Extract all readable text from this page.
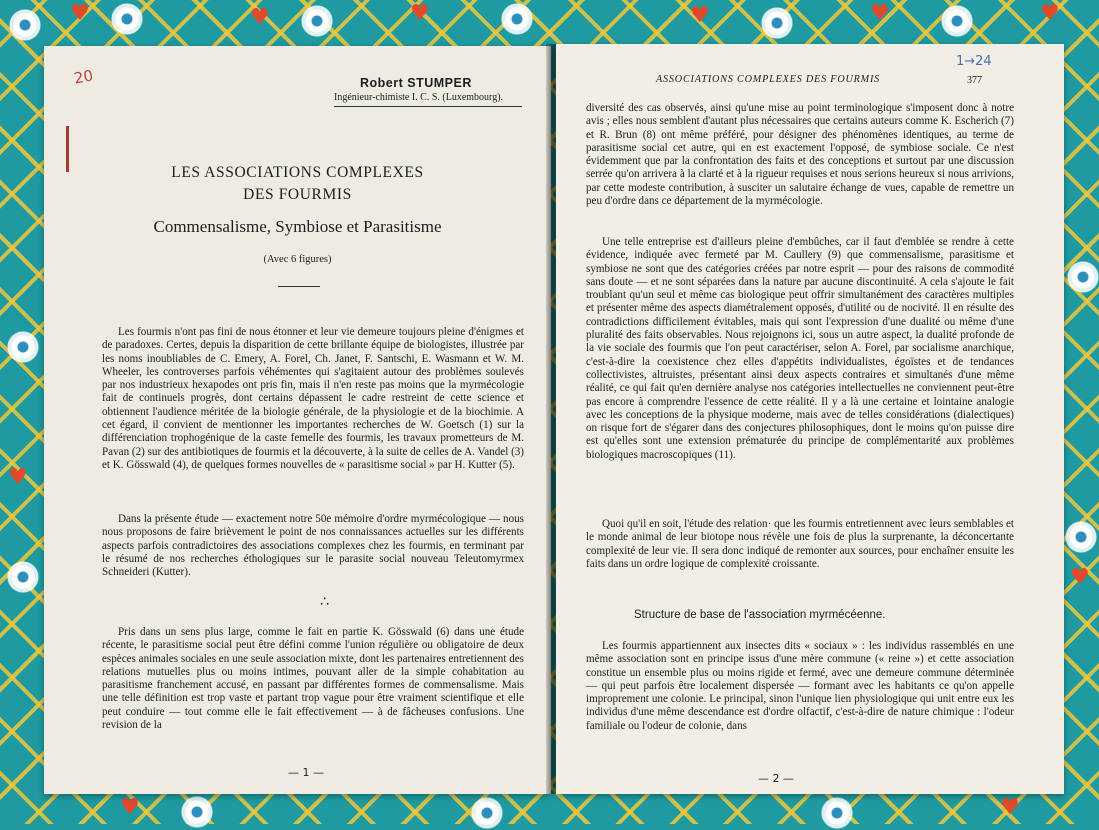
♥	♥	♥	♥	♥	♥
♥
♥
♥	♥
20	Robert STUMPER
Ingénieur-chimiste I. C. S. (Luxembourg).
LES ASSOCIATIONS COMPLEXES
DES FOURMIS
Commensalisme, Symbiose et Parasitisme
(Avec 6 figures)

Les fourmis n'ont pas fini de nous étonner et leur vie demeure toujours pleine d'énigmes et de paradoxes. Certes, depuis la disparition de cette brillante équipe de biologistes, illustrée par les noms inoubliables de C. Emery, A. Forel, Ch. Janet, F. Santschi, E. Wasmann et W. M. Wheeler, les controverses parfois véhémentes qui s'agitaient autour des problèmes soulevés par nos industrieux hexapodes ont pris fin, mais il n'en reste pas moins que la myrmécologie fait de continuels progrès, dont certains dépassent le cadre restreint de cette science et obtiennent l'audience méritée de la biologie générale, de la physiologie et de la biochimie. A cet égard, il convient de mentionner les importantes recherches de W. Goetsch (1) sur la différenciation trophogénique de la caste femelle des fourmis, les travaux prometteurs de M. Pavan (2) sur des antibiotiques de fourmis et la découverte, à la suite de celles de A. Vandel (3) et K. Gösswald (4), de quelques formes nouvelles de « parasitisme social » par H. Kutter (5).

Dans la présente étude — exactement notre 50e mémoire d'ordre myrmécologique — nous nous proposons de faire brièvement le point de nos connaissances actuelles sur les différents aspects parfois contradictoires des associations complexes chez les fourmis, en terminant par le résumé de nos recherches éthologiques sur le parasite social nouveau Teleutomyrmex Schneideri (Kutter).

∴

Pris dans un sens plus large, comme le fait en partie K. Gösswald (6) dans une étude récente, le parasitisme social peut être défini comme l'union régulière ou obligatoire de deux espèces animales sociales en une seule association mixte, dont les partenaires entretiennent des relations mutuelles plus ou moins intimes, pouvant aller de la simple cohabitation au parasitisme franchement accusé, en passant par différentes formes de commensalisme. Mais une telle définition est trop vaste et partant trop vague pour être vraiment scientifique et elle peut conduire — tout comme elle le fait effectivement — à de fâcheuses confusions. Une revision de la

— 1 —
1→24
ASSOCIATIONS COMPLEXES DES FOURMIS	377

diversité des cas observés, ainsi qu'une mise au point terminologique s'imposent donc à notre avis ; elles nous semblent d'autant plus nécessaires que certains auteurs comme K. Escherich (7) et R. Brun (8) ont même préféré, pour désigner des phénomènes identiques, au terme de parasitisme social cet autre, qui en est exactement l'opposé, de symbiose sociale. Ce n'est évidemment que par la confrontation des faits et des conceptions et surtout par une discussion serrée qu'on arrivera à la clarté et à la rigueur requises et nous serions heureux si nous arrivions, par cette modeste contribution, à susciter un salutaire échange de vues, capable de remettre un peu d'ordre dans ce département de la myrmécologie.

Une telle entreprise est d'ailleurs pleine d'embûches, car il faut d'emblée se rendre à cette évidence, indiquée avec fermeté par M. Caullery (9) que commensalisme, parasitisme et symbiose ne sont que des catégories créées par notre esprit — pour des raisons de commodité sans doute — et ne sont séparées dans la nature par aucune discontinuité. A cela s'ajoute le fait troublant qu'un seul et même cas biologique peut offrir simultanément des caractères multiples et présenter même des aspects diamétralement opposés, d'utilité ou de nocivité. Il en résulte des contradictions difficilement évitables, mais qui sont l'expression d'une dualité ou même d'une pluralité des faits observables. Nous rejoignons ici, sous un autre aspect, la dualité profonde de la vie sociale des fourmis que l'on peut caractériser, selon A. Forel, par socialisme anarchique, c'est-à-dire la coexistence chez elles d'appétits individualistes, égoïstes et de tendances collectivistes, altruistes, présentant ainsi deux aspects contraires et simultanés d'une même réalité, ce qui fait qu'en dernière analyse nos catégories intellectuelles ne conviennent peut-être pas encore à comprendre l'essence de cette réalité. Il y a là une certaine et lointaine analogie avec les conceptions de la physique moderne, mais avec de telles considérations (dialectiques) on risque fort de s'égarer dans des conjectures philosophiques, dont le moins qu'on puisse dire est qu'elles sont une extension prématurée du principe de complémentarité aux problèmes biologiques macroscopiques (11).

Quoi qu'il en soit, l'étude des relation· que les fourmis entretiennent avec leurs semblables et le monde animal de leur biotope nous révèle une fois de plus la surprenante, la déconcertante complexité de leur vie. Il sera donc indiqué de remonter aux sources, pour enchaîner ensuite les faits dans un ordre logique de complexité croissante.

Structure de base de l'association myrmécéenne.

Les fourmis appartiennent aux insectes dits « sociaux » : les individus rassemblés en une même association sont en principe issus d'une mère commune (« reine ») et cette association constitue un ensemble plus ou moins rigide et fermé, avec une demeure commune déterminée — qui peut parfois être localement dispersée — formant avec les habitants ce qu'on appelle improprement une colonie. Le principal, sinon l'unique lien physiologique qui unit entre eux les individus d'une même descendance est d'ordre olfactif, c'est-à-dire de nature chimique : l'odeur familiale ou l'odeur de colonie, dans

— 2 —
